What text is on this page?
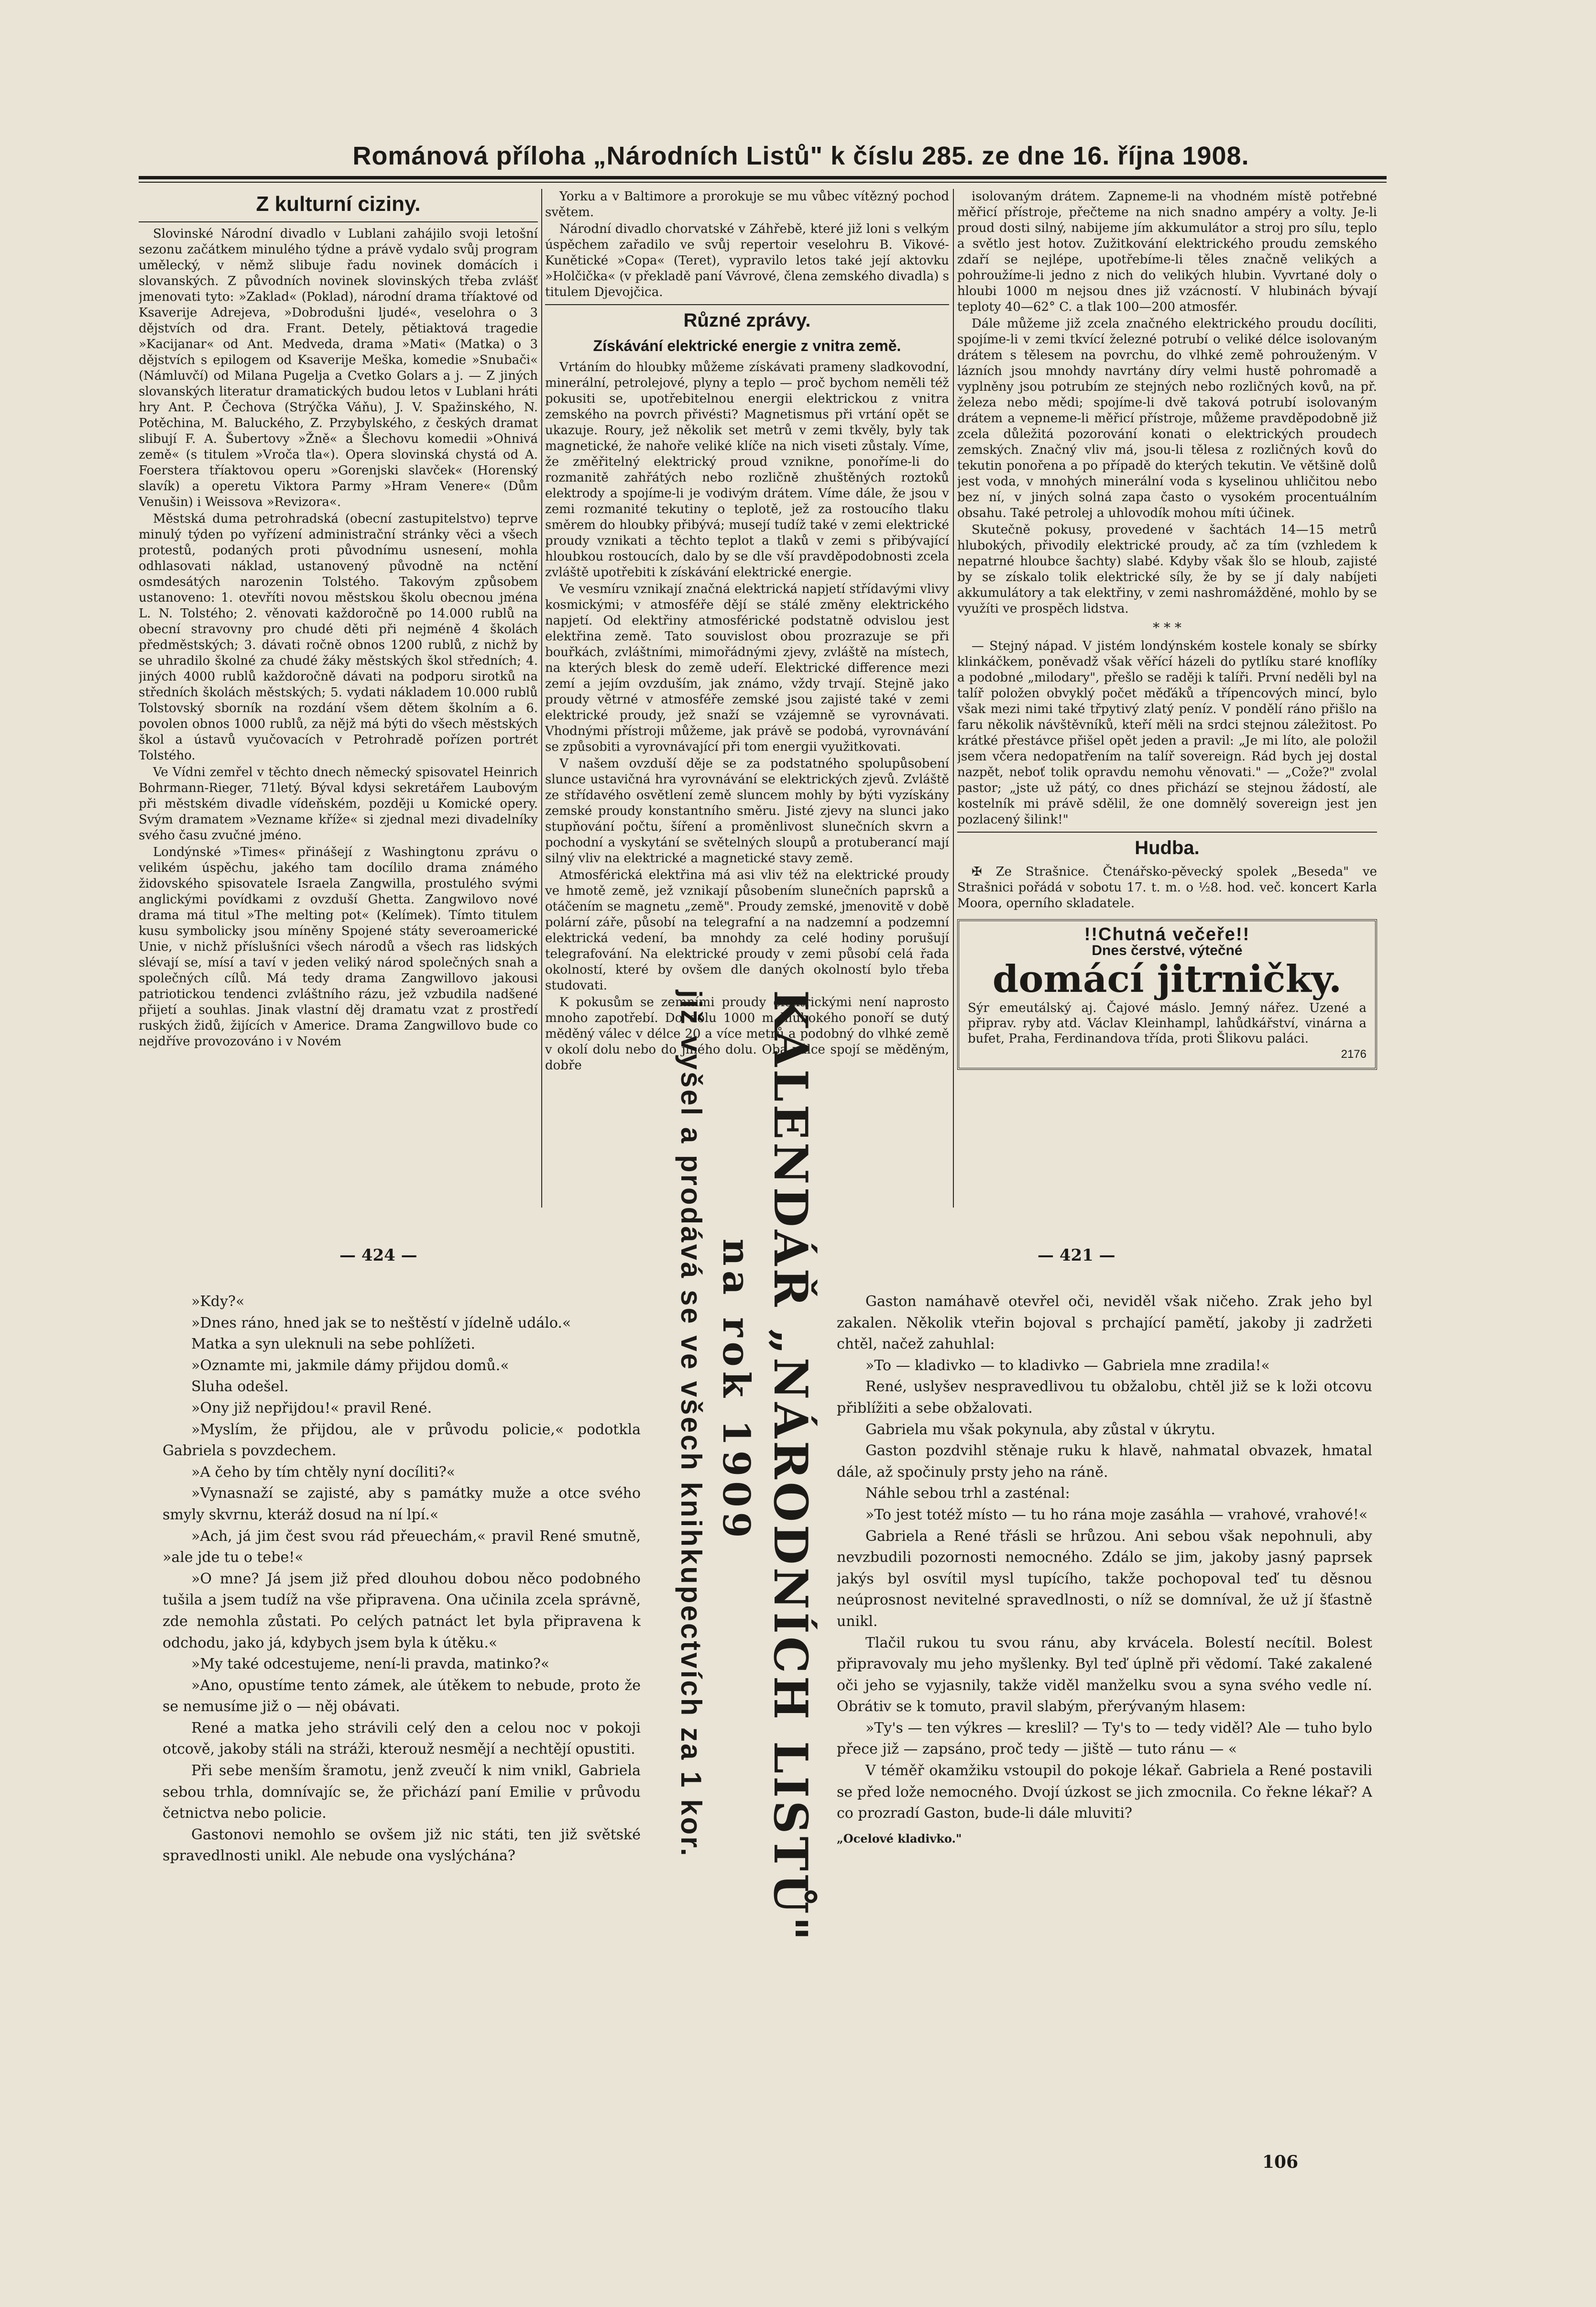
Románová příloha „Národních Listů" k číslu 285. ze dne 16. října 1908.
Z kulturní ciziny.

Slovinské Národní divadlo v Lublani zahájilo svoji letošní sezonu začátkem minulého týdne a právě vydalo svůj program umělecký, v němž slibuje řadu novinek domácích i slovanských. Z původních novinek slovinských třeba zvlášť jmenovati tyto: »Zaklad« (Poklad), národní drama tříaktové od Ksaverije Adrejeva, »Dobrodušni ljudé«, veselohra o 3 dějstvích od dra. Frant. Detely, pětiaktová tragedie »Kacijanar« od Ant. Medveda, drama »Mati« (Matka) o 3 dějstvích s epilogem od Ksaverije Meška, komedie »Snubači« (Námluvčí) od Milana Pugelja a Cvetko Golars a j. — Z jiných slovanských literatur dramatických budou letos v Lublani hráti hry Ant. P. Čechova (Strýčka Váňu), J. V. Spažinského, N. Potěchina, M. Baluckého, Z. Przybylského, z českých dramat slibují F. A. Šubertovy »Žně« a Šlechovu komedii »Ohnivá země« (s titulem »Vroča tla«). Opera slovinská chystá od A. Foerstera tříaktovou operu »Gorenjski slavček« (Horenský slavík) a operetu Viktora Parmy »Hram Venere« (Dům Venušin) i Weissova »Revizora«.

Městská duma petrohradská (obecní zastupitelstvo) teprve minulý týden po vyřízení administrační stránky věci a všech protestů, podaných proti původnímu usnesení, mohla odhlasovati náklad, ustanovený původně na nctění osmdesátých narozenin Tolstého. Takovým způsobem ustanoveno: 1. otevříti novou městskou školu obecnou jména L. N. Tolstého; 2. věnovati každoročně po 14.000 rublů na obecní stravovny pro chudé děti při nejméně 4 školách předměstských; 3. dávati ročně obnos 1200 rublů, z nichž by se uhradilo školné za chudé žáky městských škol středních; 4. jiných 4000 rublů každoročně dávati na podporu sirotků na středních školách městských; 5. vydati nákladem 10.000 rublů Tolstovský sborník na rozdání všem dětem školním a 6. povolen obnos 1000 rublů, za nějž má býti do všech městských škol a ústavů vyučovacích v Petrohradě pořízen portrét Tolstého.

Ve Vídni zemřel v těchto dnech německý spisovatel Heinrich Bohrmann-Rieger, 71letý. Býval kdysi sekretářem Laubovým při městském divadle vídeňském, později u Komické opery. Svým dramatem »Vezname kříže« si zjednal mezi divadelníky svého času zvučné jméno.

Londýnské »Times« přinášejí z Washingtonu zprávu o velikém úspěchu, jakého tam docílilo drama známého židovského spisovatele Israela Zangwilla, prostulého svými anglickými povídkami z ovzduší Ghetta. Zangwilovo nové drama má titul »The melting pot« (Kelímek). Tímto titulem kusu symbolicky jsou míněny Spojené státy severoamerické Unie, v nichž příslušníci všech národů a všech ras lidských slévají se, mísí a taví v jeden veliký národ společných snah a společných cílů. Má tedy drama Zangwillovo jakousi patriotickou tendenci zvláštního rázu, jež vzbudila nadšené přijetí a souhlas. Jinak vlastní děj dramatu vzat z prostředí ruských židů, žijících v Americe. Drama Zangwillovo bude co nejdříve provozováno i v Novém

Yorku a v Baltimore a prorokuje se mu vůbec vítězný pochod světem.

Národní divadlo chorvatské v Záhřebě, které již loni s velkým úspěchem zařadilo ve svůj repertoir veselohru B. Vikové-Kunětické »Copa« (Teret), vypravilo letos také její aktovku »Holčička« (v překladě paní Vávrové, člena zemského divadla) s titulem Djevojčica.

Různé zprávy.
Získávání elektrické energie z vnitra země.

Vrtáním do hloubky můžeme získávati prameny sladkovodní, minerální, petrolejové, plyny a teplo — proč bychom neměli též pokusiti se, upotřebitelnou energii elektrickou z vnitra zemského na povrch přivésti? Magnetismus při vrtání opět se ukazuje. Roury, jež několik set metrů v zemi tkvěly, byly tak magnetické, že nahoře veliké klíče na nich viseti zůstaly. Víme, že změřitelný elektrický proud vznikne, ponoříme-li do rozmanitě zahřátých nebo rozličně zhuštěných roztoků elektrody a spojíme-li je vodivým drátem. Víme dále, že jsou v zemi rozmanité tekutiny o teplotě, jež za rostoucího tlaku směrem do hloubky přibývá; musejí tudíž také v zemi elektrické proudy vznikati a těchto teplot a tlaků v zemi s přibývající hloubkou rostoucích, dalo by se dle vší pravděpodobnosti zcela zvláště upotřebiti k získávání elektrické energie.

Ve vesmíru vznikají značná elektrická napjetí střídavými vlivy kosmickými; v atmosféře dějí se stálé změny elektrického napjetí. Od elektřiny atmosférické podstatně odvislou jest elektřina země. Tato souvislost obou prozrazuje se při bouřkách, zvláštními, mimořádnými zjevy, zvláště na místech, na kterých blesk do země udeří. Elektrické difference mezi zemí a jejím ovzduším, jak známo, vždy trvají. Stejně jako proudy větrné v atmosféře zemské jsou zajisté také v zemi elektrické proudy, jež snaží se vzájemně se vyrovnávati. Vhodnými přístroji můžeme, jak právě se podobá, vyrovnávání se způsobiti a vyrovnávající při tom energii využitkovati.

V našem ovzduší děje se za podstatného spolupůsobení slunce ustavičná hra vyrovnávání se elektrických zjevů. Zvláště ze střídavého osvětlení země sluncem mohly by býti vyzískány zemské proudy konstantního směru. Jisté zjevy na slunci jako stupňování počtu, šíření a proměnlivost slunečních skvrn a pochodní a vyskytání se světelných sloupů a protuberancí mají silný vliv na elektrické a magnetické stavy země.

Atmosférická elektřina má asi vliv též na elektrické proudy ve hmotě země, jež vznikají působením slunečních paprsků a otáčením se magnetu „země". Proudy zemské, jmenovitě v době polární záře, působí na telegrafní a na nadzemní a podzemní elektrická vedení, ba mnohdy za celé hodiny porušují telegrafování. Na elektrické proudy v zemi působí celá řada okolností, které by ovšem dle daných okolností bylo třeba studovati.

K pokusům se zemními proudy elektrickými není naprosto mnoho zapotřebí. Do dolu 1000 m hlubokého ponoří se dutý měděný válec v délce 20 a více metrů a podobný do vlhké země v okolí dolu nebo do jiného dolu. Oba válce spojí se měděným, dobře

isolovaným drátem. Zapneme-li na vhodném místě potřebné měřicí přístroje, přečteme na nich snadno ampéry a volty. Je-li proud dosti silný, nabijeme jím akkumulátor a stroj pro sílu, teplo a světlo jest hotov. Zužitkování elektrického proudu zemského zdaří se nejlépe, upotřebíme-li těles značně velikých a pohroužíme-li jedno z nich do velikých hlubin. Vyvrtané doly o hloubi 1000 m nejsou dnes již vzácností. V hlubinách bývají teploty 40—62° C. a tlak 100—200 atmosfér.

Dále můžeme již zcela značného elektrického proudu docíliti, spojíme-li v zemi tkvící železné potrubí o veliké délce isolovaným drátem s tělesem na povrchu, do vlhké země pohrouženým. V lázních jsou mnohdy navrtány díry velmi hustě pohromadě a vyplněny jsou potrubím ze stejných nebo rozličných kovů, na př. železa nebo mědi; spojíme-li dvě taková potrubí isolovaným drátem a vepneme-li měřicí přístroje, můžeme pravděpodobně již zcela důležitá pozorování konati o elektrických proudech zemských. Značný vliv má, jsou-li tělesa z rozličných kovů do tekutin ponořena a po případě do kterých tekutin. Ve většině dolů jest voda, v mnohých minerální voda s kyselinou uhličitou nebo bez ní, v jiných solná zapa často o vysokém procentuálním obsahu. Také petrolej a uhlovodík mohou míti účinek.

Skutečně pokusy, provedené v šachtách 14—15 metrů hlubokých, přivodily elektrické proudy, ač za tím (vzhledem k nepatrné hloubce šachty) slabé. Kdyby však šlo se hloub, zajisté by se získalo tolik elektrické síly, že by se jí daly nabíjeti akkumulátory a tak elektřiny, v zemi nashromážděné, mohlo by se využíti ve prospěch lidstva.

* * *

— Stejný nápad. V jistém londýnském kostele konaly se sbírky klinkáčkem, poněvadž však věřící házeli do pytlíku staré knoflíky a podobné „milodary", přešlo se raději k talíři. První neděli byl na talíř položen obvyklý počet měďáků a třípencových mincí, bylo však mezi nimi také třpytivý zlatý peníz. V pondělí ráno přišlo na faru několik návštěvníků, kteří měli na srdci stejnou záležitost. Po krátké přestávce přišel opět jeden a pravil: „Je mi líto, ale položil jsem včera nedopatřením na talíř sovereign. Rád bych jej dostal nazpět, neboť tolik opravdu nemohu věnovati." — „Cože?" zvolal pastor; „jste už pátý, co dnes přichází se stejnou žádostí, ale kostelník mi právě sdělil, že one domnělý sovereign jest jen pozlacený šilink!"

Hudba.

✠ Ze Strašnice. Čtenářsko-pěvecký spolek „Beseda" ve Strašnici pořádá v sobotu 17. t. m. o ½8. hod. več. koncert Karla Moora, operního skladatele.

!!Chutná večeře!!
Dnes čerstvé, výtečné
domácí jitrničky.
Sýr emeutálský aj. Čajové máslo. Jemný nářez. Uzené a připrav. ryby atd. Václav Kleinhampl, lahůdkářství, vinárna a bufet, Praha, Ferdinandova třída, proti Šlikovu paláci.
2176
— 424 —	— 421 —

»Kdy?«

»Dnes ráno, hned jak se to neštěstí v jídelně událo.«

Matka a syn uleknuli na sebe pohlížeti.

»Oznamte mi, jakmile dámy přijdou domů.«

Sluha odešel.

»Ony již nepřijdou!« pravil René.

»Myslím, že přijdou, ale v průvodu policie,« podotkla Gabriela s povzdechem.

»A čeho by tím chtěly nyní docíliti?«

»Vynasnaží se zajisté, aby s památky muže a otce svého smyly skvrnu, kteráž dosud na ní lpí.«

»Ach, já jim čest svou rád přeuechám,« pravil René smutně, »ale jde tu o tebe!«

»O mne? Já jsem již před dlouhou dobou něco podobného tušila a jsem tudíž na vše připravena. Ona učinila zcela správně, zde nemohla zůstati. Po celých patnáct let byla připravena k odchodu, jako já, kdybych jsem byla k útěku.«

»My také odcestujeme, není-li pravda, matinko?«

»Ano, opustíme tento zámek, ale útěkem to nebude, proto že se nemusíme již o — něj obávati.

René a matka jeho strávili celý den a celou noc v pokoji otcově, jakoby stáli na stráži, kterouž nesmějí a nechtějí opustiti.

Při sebe menším šramotu, jenž zveučí k nim vnikl, Gabriela sebou trhla, domnívajíc se, že přichází paní Emilie v průvodu četnictva nebo policie.

Gastonovi nemohlo se ovšem již nic státi, ten již světské spravedlnosti unikl. Ale nebude ona vyslýchána?	KALENDÁŘ „NÁRODNÍCH LISTŮ"
na rok 1909
již vyšel a prodává se ve všech knihkupectvích za 1 kor.	Gaston namáhavě otevřel oči, neviděl však ničeho. Zrak jeho byl zakalen. Několik vteřin bojoval s prchající pamětí, jakoby ji zadržeti chtěl, načež zahuhlal:

»To — kladivko — to kladivko — Gabriela mne zradila!«

René, uslyšev nespravedlivou tu obžalobu, chtěl již se k loži otcovu přiblížiti a sebe obžalovati.

Gabriela mu však pokynula, aby zůstal v úkrytu.

Gaston pozdvihl stěnaje ruku k hlavě, nahmatal obvazek, hmatal dále, až spočinuly prsty jeho na ráně.

Náhle sebou trhl a zasténal:

»To jest totéž místo — tu ho rána moje zasáhla — vrahové, vrahové!«

Gabriela a René třásli se hrůzou. Ani sebou však nepohnuli, aby nevzbudili pozornosti nemocného. Zdálo se jim, jakoby jasný paprsek jakýs byl osvítil mysl tupícího, takže pochopoval teď tu děsnou neúprosnost nevitelné spravedlnosti, o níž se domníval, že už jí šťastně unikl.

Tlačil rukou tu svou ránu, aby krvácela. Bolestí necítil. Bolest připravovaly mu jeho myšlenky. Byl teď úplně při vědomí. Také zakalené oči jeho se vyjasnily, takže viděl manželku svou a syna svého vedle ní. Obrátiv se k tomuto, pravil slabým, přerývaným hlasem:

»Ty's — ten výkres — kreslil? — Ty's to — tedy viděl? Ale — tuho bylo přece již — zapsáno, proč tedy — jiště — tuto ránu — «

V téměř okamžiku vstoupil do pokoje lékař. Gabriela a René postavili se před lože nemocného. Dvojí úzkost se jich zmocnila. Co řekne lékař? A co prozradí Gaston, bude-li dále mluviti?

„Ocelové kladivko."

106
